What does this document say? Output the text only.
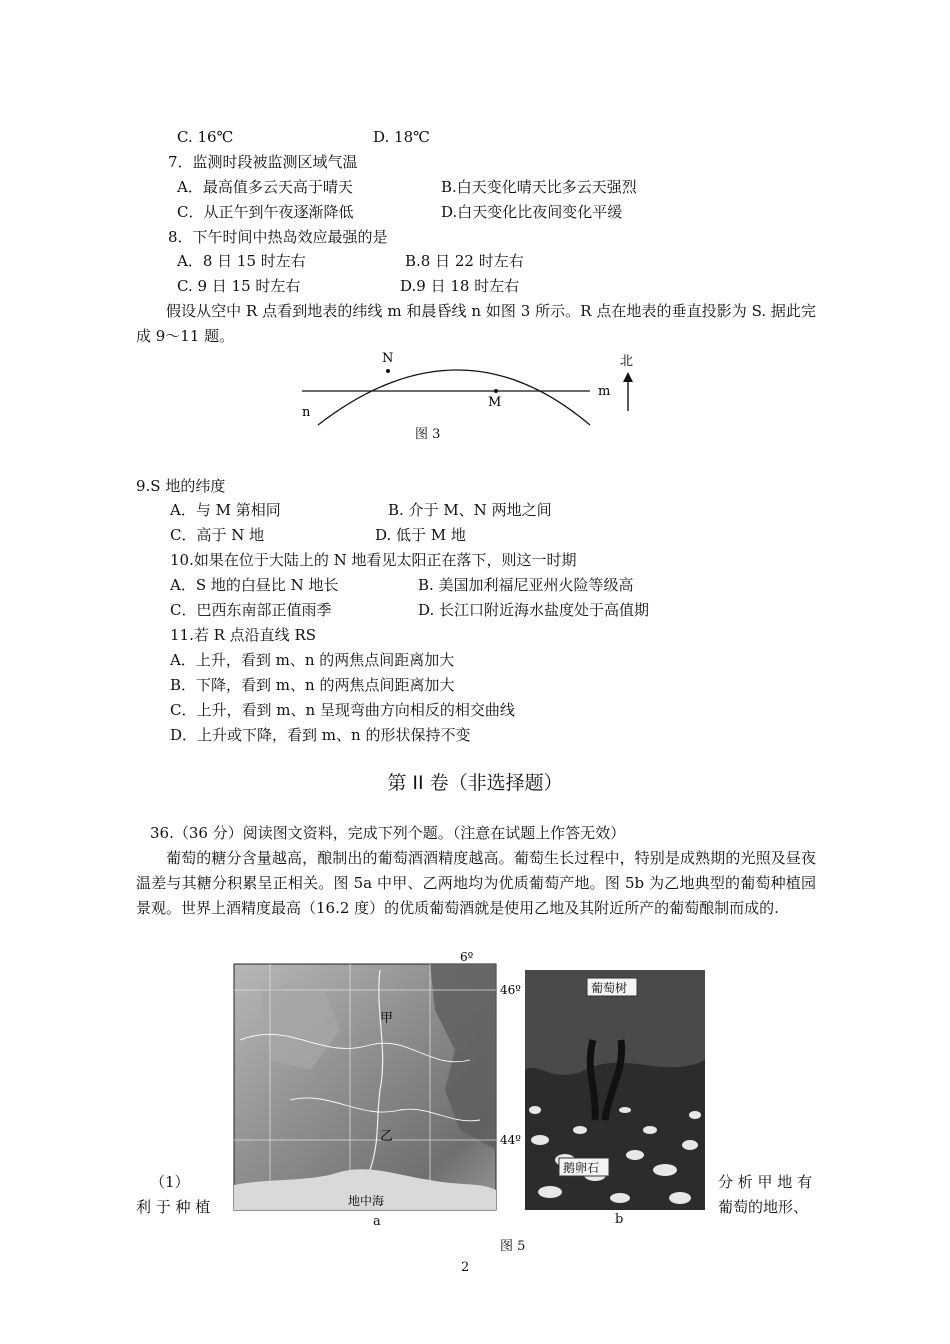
C. 16℃	D. 18℃
7．监测时段被监测区域气温
A．最高值多云天高于晴天	B.白天变化晴天比多云天强烈
C．从正午到午夜逐渐降低	D.白天变化比夜间变化平缓
8．下午时间中热岛效应最强的是
A．8 日 15 时左右	B.8 日 22 时左右
C. 9 日 15 时左右	D.9 日 18 时左右
假设从空中 R 点看到地表的纬线 m 和晨昏线 n 如图 3 所示。R 点在地表的垂直投影为 S. 据此完成 9～11 题。
N
M
m
n
北
图 3
9.S 地的纬度
A．与 M 第相同	B. 介于 M、N 两地之间
C．高于 N 地	D. 低于 M 地
10.如果在位于大陆上的 N 地看见太阳正在落下，则这一时期
A．S 地的白昼比 N 地长	B. 美国加利福尼亚州火险等级高
C．巴西东南部正值雨季	D. 长江口附近海水盐度处于高值期
11.若 R 点沿直线 RS
A．上升，看到 m、n 的两焦点间距离加大
B．下降，看到 m、n 的两焦点间距离加大
C．上升，看到 m、n 呈现弯曲方向相反的相交曲线
D．上升或下降，看到 m、n 的形状保持不变
第 II 卷（非选择题）
36.（36 分）阅读图文资料，完成下列个题。（注意在试题上作答无效）
葡萄的糖分含量越高，酿制出的葡萄酒酒精度越高。葡萄生长过程中，特别是成熟期的光照及昼夜温差与其糖分积累呈正相关。图 5a 中甲、乙两地均为优质葡萄产地。图 5b 为乙地典型的葡萄种植园景观。世界上酒精度最高（16.2 度）的优质葡萄酒就是使用乙地及其附近所产的葡萄酿制而成的.
6º
46º
44º
甲
乙
地中海
a
葡萄树
鹅卵石
b
图 5
（1）
利 于 种 植
分 析 甲 地 有
葡萄的地形、
2
